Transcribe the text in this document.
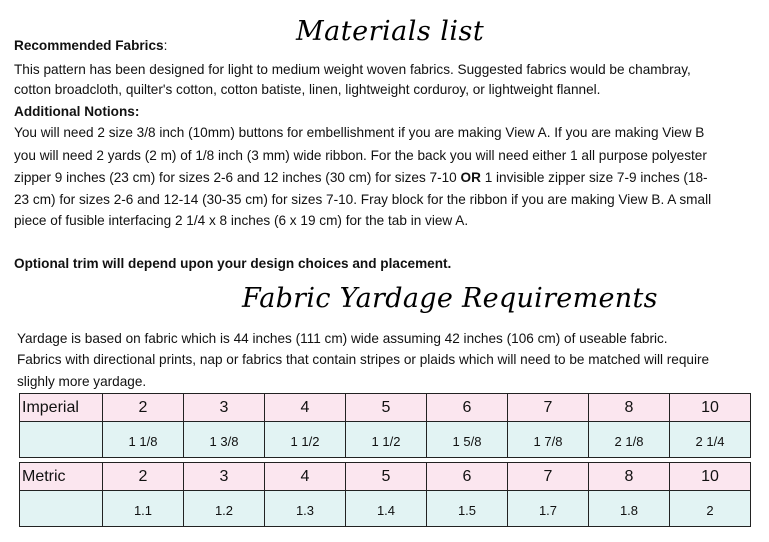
Materials list
Recommended Fabrics:
This pattern has been designed for light to medium weight woven fabrics. Suggested fabrics would be chambray,
cotton broadcloth, quilter's cotton, cotton batiste, linen, lightweight corduroy, or lightweight flannel.
Additional Notions:
You will need 2 size 3/8 inch (10mm) buttons for embellishment if you are making View A. If you are making View B
you will need 2 yards (2 m) of 1/8 inch (3 mm) wide ribbon. For the back you will need either 1 all purpose polyester
zipper 9 inches (23 cm) for sizes 2-6 and 12 inches (30 cm) for sizes 7-10 OR 1 invisible zipper size 7-9 inches (18-
23 cm) for sizes 2-6 and 12-14 (30-35 cm) for sizes 7-10. Fray block for the ribbon if you are making View B. A small
piece of fusible interfacing 2 1/4 x 8 inches (6 x 19 cm) for the tab in view A.
Optional trim will depend upon your design choices and placement.
Fabric Yardage Requirements
Yardage is based on fabric which is 44 inches (111 cm) wide assuming 42 inches (106 cm) of useable fabric.
Fabrics with directional prints, nap or fabrics that contain stripes or plaids which will need to be matched will require
slighly more yardage.
Imperial	2	3	4	5	6	7	8	10
	1 1/8	1 3/8	1 1/2	1 1/2	1 5/8	1 7/8	2 1/8	2 1/4
Metric	2	3	4	5	6	7	8	10
	1.1	1.2	1.3	1.4	1.5	1.7	1.8	2
